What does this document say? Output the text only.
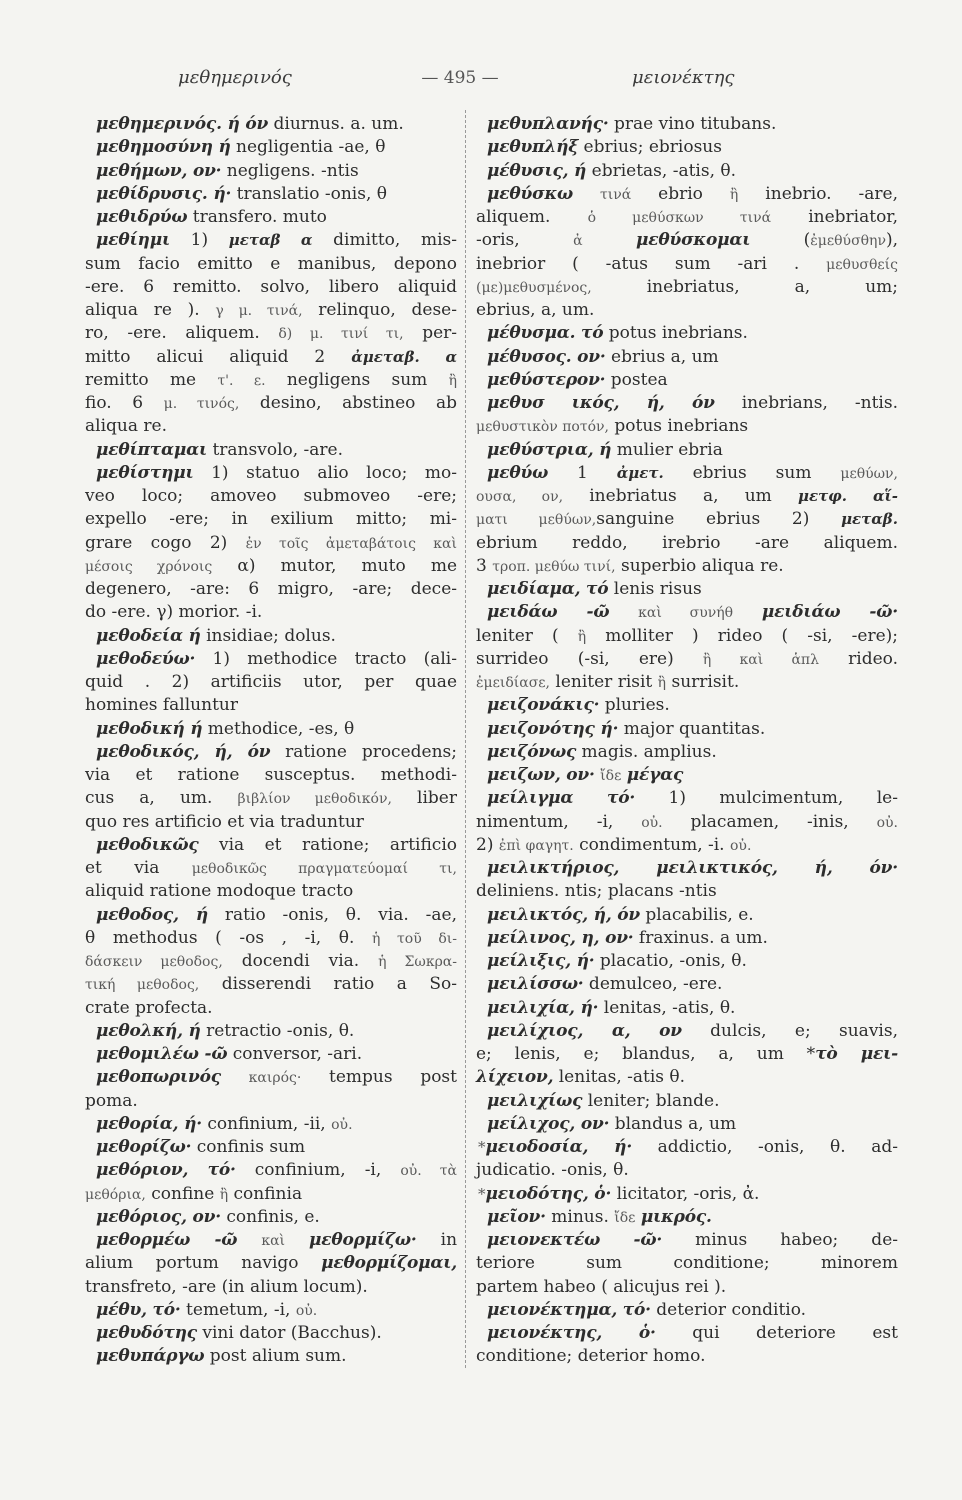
μεθημερινός	— 495 —	μειονέκτης
μεθημερινός. ή όν diurnus. a. um.
μεθημοσύνη ή negligentia -ae, θ
μεθήμων, ον· negligens. -ntis
μεθίδρυσις. ή· translatio -onis, θ
μεθιδρύω transfero. muto
μεθίημι 1) μεταβ α dimitto, mis-
sum facio emitto e manibus, depono
-ere. 6 remitto. solvo, libero aliquid
aliqua re ). γ μ. τινά, relinquo, dese-
ro, -ere. aliquem. δ) μ. τινί τι, per-
mitto alicui aliquid 2 ἀμεταβ. α
remitto me τ'. ε. negligens sum ἢ
fio. 6 μ. τινός, desino, abstineo ab
aliqua re.
μεθίπταμαι transvolo, -are.
μεθίστημι 1) statuo alio loco; mo-
veo loco; amoveo submoveo -ere;
expello -ere; in exilium mitto; mi-
grare cogo 2) ἐν τοῖς ἀμεταβάτοις καὶ
μέσοις χρόνοις α) mutor, muto me
degenero, -are: 6 migro, -are; dece-
do -ere. γ) morior. -i.
μεθοδεία ή insidiae; dolus.
μεθοδεύω· 1) methodice tracto (ali-
quid . 2) artificiis utor, per quae
homines falluntur
μεθοδική ή methodice, -es, θ
μεθοδικός, ή, όν ratione procedens;
via et ratione susceptus. methodi-
cus a, um. βιβλίον μεθοδικόν, liber
quo res artificio et via traduntur
μεθοδικῶς via et ratione; artificio
et via μεθοδικῶς πραγματεύομαί τι,
aliquid ratione modoque tracto
μεθοδος, ή ratio -onis, θ. via. -ae,
θ methodus ( -os , -i, θ. ἡ τοῦ δι-
δάσκειν μεθοδος, docendi via. ἡ Σωκρα-
τική μεθοδος, disserendi ratio a So-
crate profecta.
μεθολκή, ή retractio -onis, θ.
μεθομιλέω -ῶ conversor, -ari.
μεθοπωρινός καιρός· tempus post
poma.
μεθορία, ή· confinium, -ii, οὐ.
μεθορίζω· confinis sum
μεθόριον, τό· confinium, -i, οὐ. τὰ
μεθόρια, confine ἢ confinia
μεθόριος, ον· confinis, e.
μεθορμέω -ῶ καὶ μεθορμίζω· in
alium portum navigo μεθορμίζομαι,
transfreto, -are (in alium locum).
μέθυ, τό· temetum, -i, οὐ.
μεθυδότης vini dator (Bacchus).
μεθυπάργω post alium sum.
μεθυπλανής· prae vino titubans.
μεθυπλήξ ebrius; ebriosus
μέθυσις, ή ebrietas, -atis, θ.
μεθύσκω τινά ebrio ἢ inebrio. -are,
aliquem. ὁ μεθύσκων τινά inebriator,
-oris, ἀ	μεθύσκομαι (ἐμεθύσθην),
inebrior ( -atus sum -ari . μεθυσθείς
(με)μεθυσμένος, inebriatus, a, um;
ebrius, a, um.
μέθυσμα. τό potus inebrians.
μέθυσος. ον· ebrius a, um
μεθύστερον· postea
μεθυσ ικός, ή, όν inebrians, -ntis.
μεθυστικὸν ποτόν, potus inebrians
μεθύστρια, ή mulier ebria
μεθύω 1 ἀμετ. ebrius sum μεθύων,
ουσα, ον, inebriatus a, um μετφ. αἵ-
ματι μεθύων,sanguine ebrius 2) μεταβ.
ebrium reddo, irebrio -are aliquem.
3 τροπ. μεθύω τινί, superbio aliqua re.
μειδίαμα, τό lenis risus
μειδάω -ῶ καὶ συνήθ μειδιάω -ῶ·
leniter ( ἢ molliter ) rideo ( -si, -ere);
surrideo (-si, ere) ἢ καὶ ἁπλ rideo.
ἐμειδίασε, leniter risit ἢ surrisit.
μειζονάκις· pluries.
μειζονότης ή· major quantitas.
μειζόνως magis. amplius.
μειζων, ον· ἴδε μέγας
μείλιγμα τό· 1) mulcimentum, le-
nimentum, -i, οὐ. placamen, -inis, οὐ.
2) ἐπὶ φαγητ. condimentum, -i. οὐ.
μειλικτήριος, μειλικτικός, ή, όν·
deliniens. ntis; placans -ntis
μειλικτός, ή, όν placabilis, e.
μείλινος, η, ον· fraxinus. a um.
μείλιξις, ή· placatio, -onis, θ.
μειλίσσω· demulceo, -ere.
μειλιχία, ή· lenitas, -atis, θ.
μειλίχιος, α, ον dulcis, e; suavis,
e; lenis, e; blandus, a, um *τὸ μει-
λίχειον, lenitas, -atis θ.
μειλιχίως leniter; blande.
μείλιχος, ον· blandus a, um
*μειοδοσία, ή· addictio, -onis, θ. ad-
judicatio. -onis, θ.
*μειοδότης, ὁ· licitator, -oris, ἀ.
μεῖον· minus. ἴδε μικρός.
μειονεκτέω -ῶ· minus habeo; de-
teriore sum conditione; minorem
partem habeo ( alicujus rei ).
μειονέκτημα, τό· deterior conditio.
μειονέκτης, ὁ· qui deteriore est
conditione; deterior homo.
